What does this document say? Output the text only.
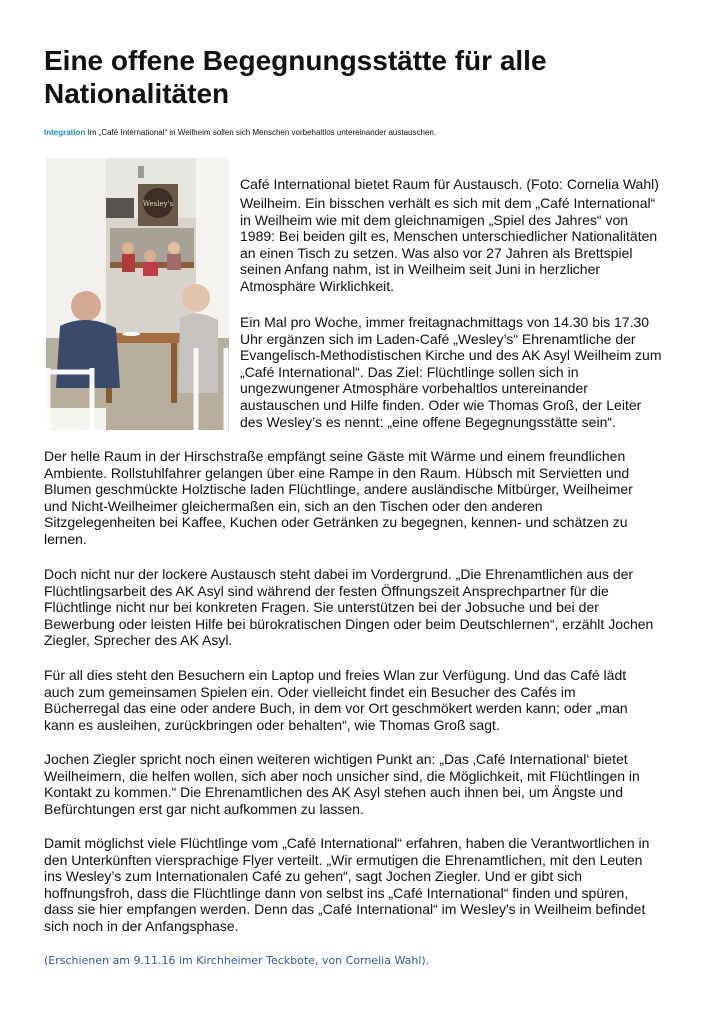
Eine offene Begegnungsstätte für alle Nationalitäten
Integration Im „Café International“ in Weilheim sollen sich Menschen vorbehaltlos untereinander austauschen.
Wesley's
Café International bietet Raum für Austausch. (Foto: Cornelia Wahl)
Weilheim. Ein bisschen verhält es sich mit dem „Café International“
in Weilheim wie mit dem gleichnamigen „Spiel des Jahres“ von
1989: Bei beiden gilt es, Menschen unterschiedlicher Nationalitäten
an einen Tisch zu setzen. Was also vor 27 Jahren als Brettspiel
seinen Anfang nahm, ist in Weilheim seit Juni in herzlicher
Atmosphäre Wirklichkeit.
Ein Mal pro Woche, immer freitagnachmittags von 14.30 bis 17.30
Uhr ergänzen sich im Laden-Café „Wesley’s“ Ehrenamtliche der
Evangelisch-Methodistischen Kirche und des AK Asyl Weilheim zum
„Café International“. Das Ziel: Flüchtlinge sollen sich in
ungezwungener Atmosphäre vorbehaltlos untereinander
austauschen und Hilfe finden. Oder wie Thomas Groß, der Leiter
des Wesley’s es nennt: „eine offene Begegnungsstätte sein“.
Der helle Raum in der Hirschstraße empfängt seine Gäste mit Wärme und einem freundlichen
Ambiente. Rollstuhlfahrer gelangen über eine Rampe in den Raum. Hübsch mit Servietten und
Blumen geschmückte Holztische laden Flüchtlinge, andere ausländische Mitbürger, Weilheimer
und Nicht-Weilheimer gleichermaßen ein, sich an den Tischen oder den anderen
Sitzgelegenheiten bei Kaffee, Kuchen oder Getränken zu begegnen, kennen- und schätzen zu
lernen.
Doch nicht nur der lockere Austausch steht dabei im Vordergrund. „Die Ehrenamtlichen aus der
Flüchtlingsarbeit des AK Asyl sind während der festen Öffnungszeit Ansprechpartner für die
Flüchtlinge nicht nur bei konkreten Fragen. Sie unterstützen bei der Jobsuche und bei der
Bewerbung oder leisten Hilfe bei bürokratischen Dingen oder beim Deutschlernen“, erzählt Jochen
Ziegler, Sprecher des AK Asyl.
Für all dies steht den Besuchern ein Laptop und freies Wlan zur Verfügung. Und das Café lädt
auch zum gemeinsamen Spielen ein. Oder vielleicht findet ein Besucher des Cafés im
Bücherregal das eine oder andere Buch, in dem vor Ort geschmökert werden kann; oder „man
kann es ausleihen, zurückbringen oder behalten“, wie Thomas Groß sagt.
Jochen Ziegler spricht noch einen weiteren wichtigen Punkt an: „Das ‚Café International‘ bietet
Weilheimern, die helfen wollen, sich aber noch unsicher sind, die Möglichkeit, mit Flüchtlingen in
Kontakt zu kommen.“ Die Ehrenamtlichen des AK Asyl stehen auch ihnen bei, um Ängste und
Befürchtungen erst gar nicht aufkommen zu lassen.
Damit möglichst viele Flüchtlinge vom „Café International“ erfahren, haben die Verantwortlichen in
den Unterkünften viersprachige Flyer verteilt. „Wir ermutigen die Ehrenamtlichen, mit den Leuten
ins Wesley’s zum Internationalen Café zu gehen“, sagt Jochen Ziegler. Und er gibt sich
hoffnungsfroh, dass die Flüchtlinge dann von selbst ins „Café International“ finden und spüren,
dass sie hier empfangen werden. Denn das „Café International“ im Wesley's in Weilheim befindet
sich noch in der Anfangsphase.
(Erschienen am 9.11.16 im Kirchheimer Teckbote, von Cornelia Wahl).
